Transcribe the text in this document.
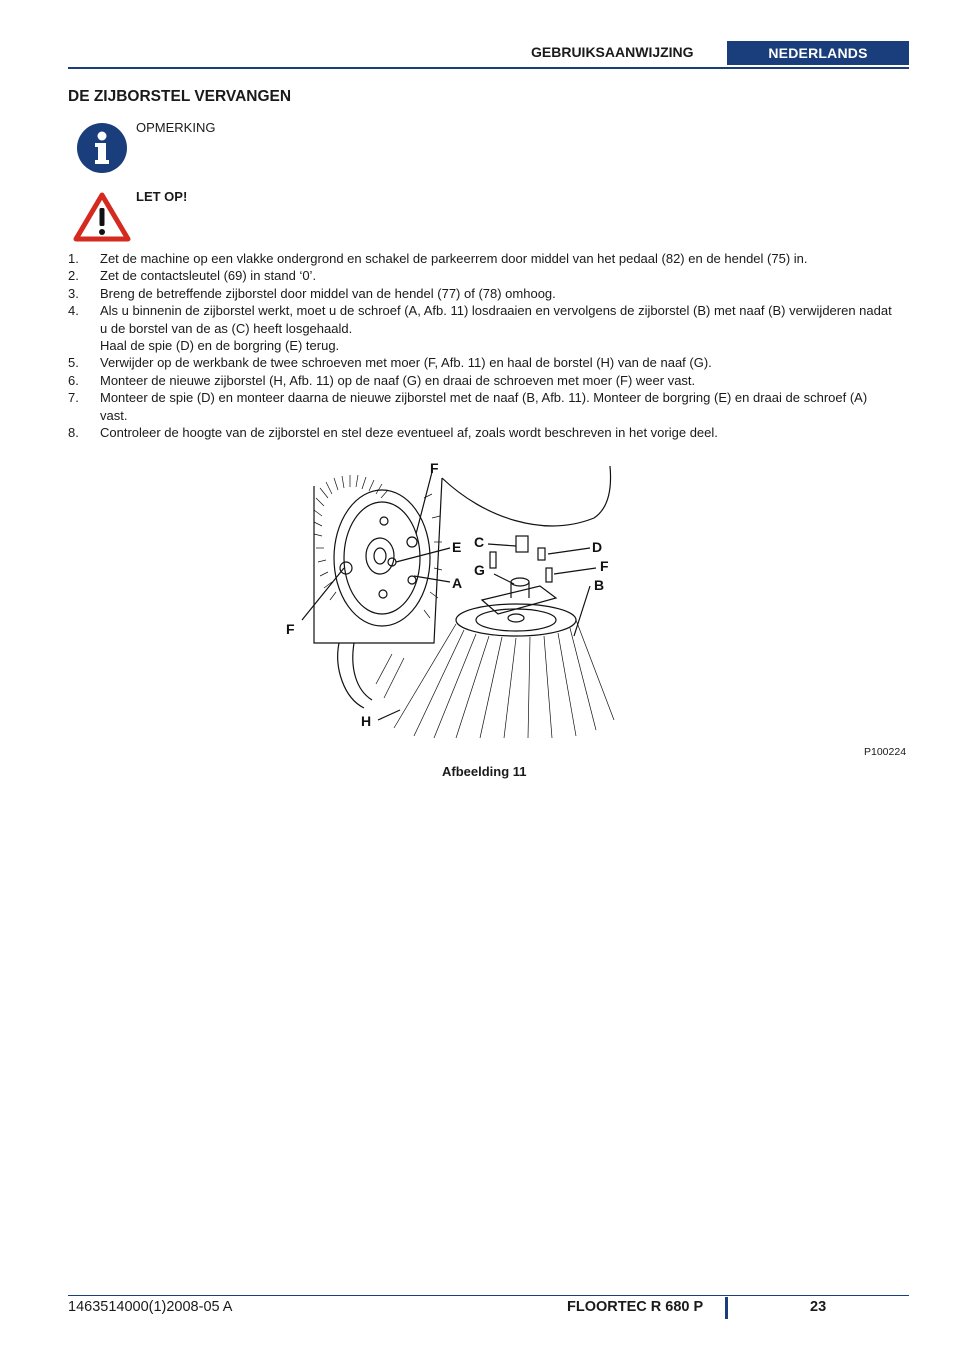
GEBRUIKSAANWIJZING	NEDERLANDS
DE ZIJBORSTEL VERVANGEN
OPMERKING
LET OP!
1. Zet de machine op een vlakke ondergrond en schakel de parkeerrem door middel van het pedaal (82) en de hendel (75) in.
2. Zet de contactsleutel (69) in stand ‘0’.
3. Breng de betreffende zijborstel door middel van de hendel (77) of (78) omhoog.
4. Als u binnenin de zijborstel werkt, moet u de schroef (A, Afb. 11) losdraaien en vervolgens de zijborstel (B) met naaf (B) verwijderen nadat u de borstel van de as (C) heeft losgehaald.
Haal de spie (D) en de borgring (E) terug.
5. Verwijder op de werkbank de twee schroeven met moer (F, Afb. 11) en haal de borstel (H) van de naaf (G).
6. Monteer de nieuwe zijborstel (H, Afb. 11) op de naaf (G) en draai de schroeven met moer (F) weer vast.
7. Monteer de spie (D) en monteer daarna de nieuwe zijborstel met de naaf (B, Afb. 11). Monteer de borgring (E) en draai de schroef (A) vast.
8. Controleer de hoogte van de zijborstel en stel deze eventueel af, zoals wordt beschreven in het vorige deel.
F
E
A
F
H
C	D
G	F
B
P100224
Afbeelding 11
1463514000(1)2008-05 A	FLOORTEC R 680 P	23
